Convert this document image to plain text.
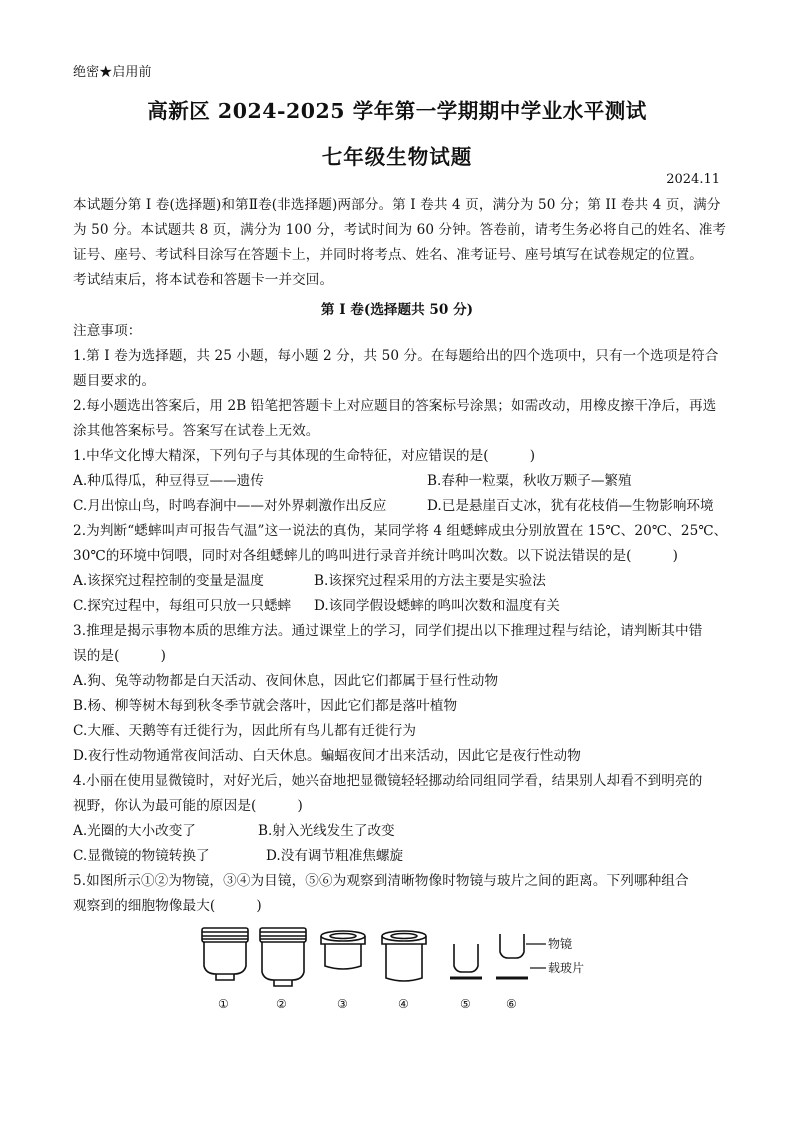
绝密★启用前
高新区 2024-2025 学年第一学期期中学业水平测试
七年级生物试题
2024.11
本试题分第 I 卷(选择题)和第Ⅱ卷(非选择题)两部分。第 I 卷共 4 页，满分为 50 分；第 II 卷共 4 页，满分
为 50 分。本试题共 8 页，满分为 100 分，考试时间为 60 分钟。答卷前，请考生务必将自己的姓名、准考
证号、座号、考试科目涂写在答题卡上，并同时将考点、姓名、准考证号、座号填写在试卷规定的位置。
考试结束后，将本试卷和答题卡一并交回。
第 I 卷(选择题共 50 分)
注意事项：
1.第 I 卷为选择题，共 25 小题，每小题 2 分，共 50 分。在每题给出的四个选项中，只有一个选项是符合
题目要求的。
2.每小题选出答案后，用 2B 铅笔把答题卡上对应题目的答案标号涂黑；如需改动，用橡皮擦干净后，再选
涂其他答案标号。答案写在试卷上无效。
1.中华文化博大精深，下列句子与其体现的生命特征，对应错误的是(　　　)
A.种瓜得瓜，种豆得豆——遗传	B.春种一粒粟，秋收万颗子—繁殖
C.月出惊山鸟，时鸣春涧中——对外界刺激作出反应	D.已是悬崖百丈冰，犹有花枝俏—生物影响环境
2.为判断“蟋蟀叫声可报告气温”这一说法的真伪，某同学将 4 组蟋蟀成虫分别放置在 15℃、20℃、25℃、
30℃的环境中饲喂，同时对各组蟋蟀儿的鸣叫进行录音并统计鸣叫次数。以下说法错误的是(　　　)
A.该探究过程控制的变量是温度	B.该探究过程采用的方法主要是实验法
C.探究过程中，每组可只放一只蟋蟀 D.该同学假设蟋蟀的鸣叫次数和温度有关
3.推理是揭示事物本质的思维方法。通过课堂上的学习，同学们提出以下推理过程与结论，请判断其中错
误的是(　　　)
A.狗、兔等动物都是白天活动、夜间休息，因此它们都属于昼行性动物
B.杨、柳等树木每到秋冬季节就会落叶，因此它们都是落叶植物
C.大雁、天鹅等有迁徙行为，因此所有鸟儿都有迁徙行为
D.夜行性动物通常夜间活动、白天休息。蝙蝠夜间才出来活动，因此它是夜行性动物
4.小丽在使用显微镜时，对好光后，她兴奋地把显微镜轻轻挪动给同组同学看，结果别人却看不到明亮的
视野，你认为最可能的原因是(　　　)
A.光圈的大小改变了	B.射入光线发生了改变
C.显微镜的物镜转换了	D.没有调节粗准焦螺旋
5.如图所示①②为物镜，③④为目镜，⑤⑥为观察到清晰物像时物镜与玻片之间的距离。下列哪种组合
观察到的细胞物像最大(　　　)
物镜
载玻片
①	②	③	④	⑤	⑥
